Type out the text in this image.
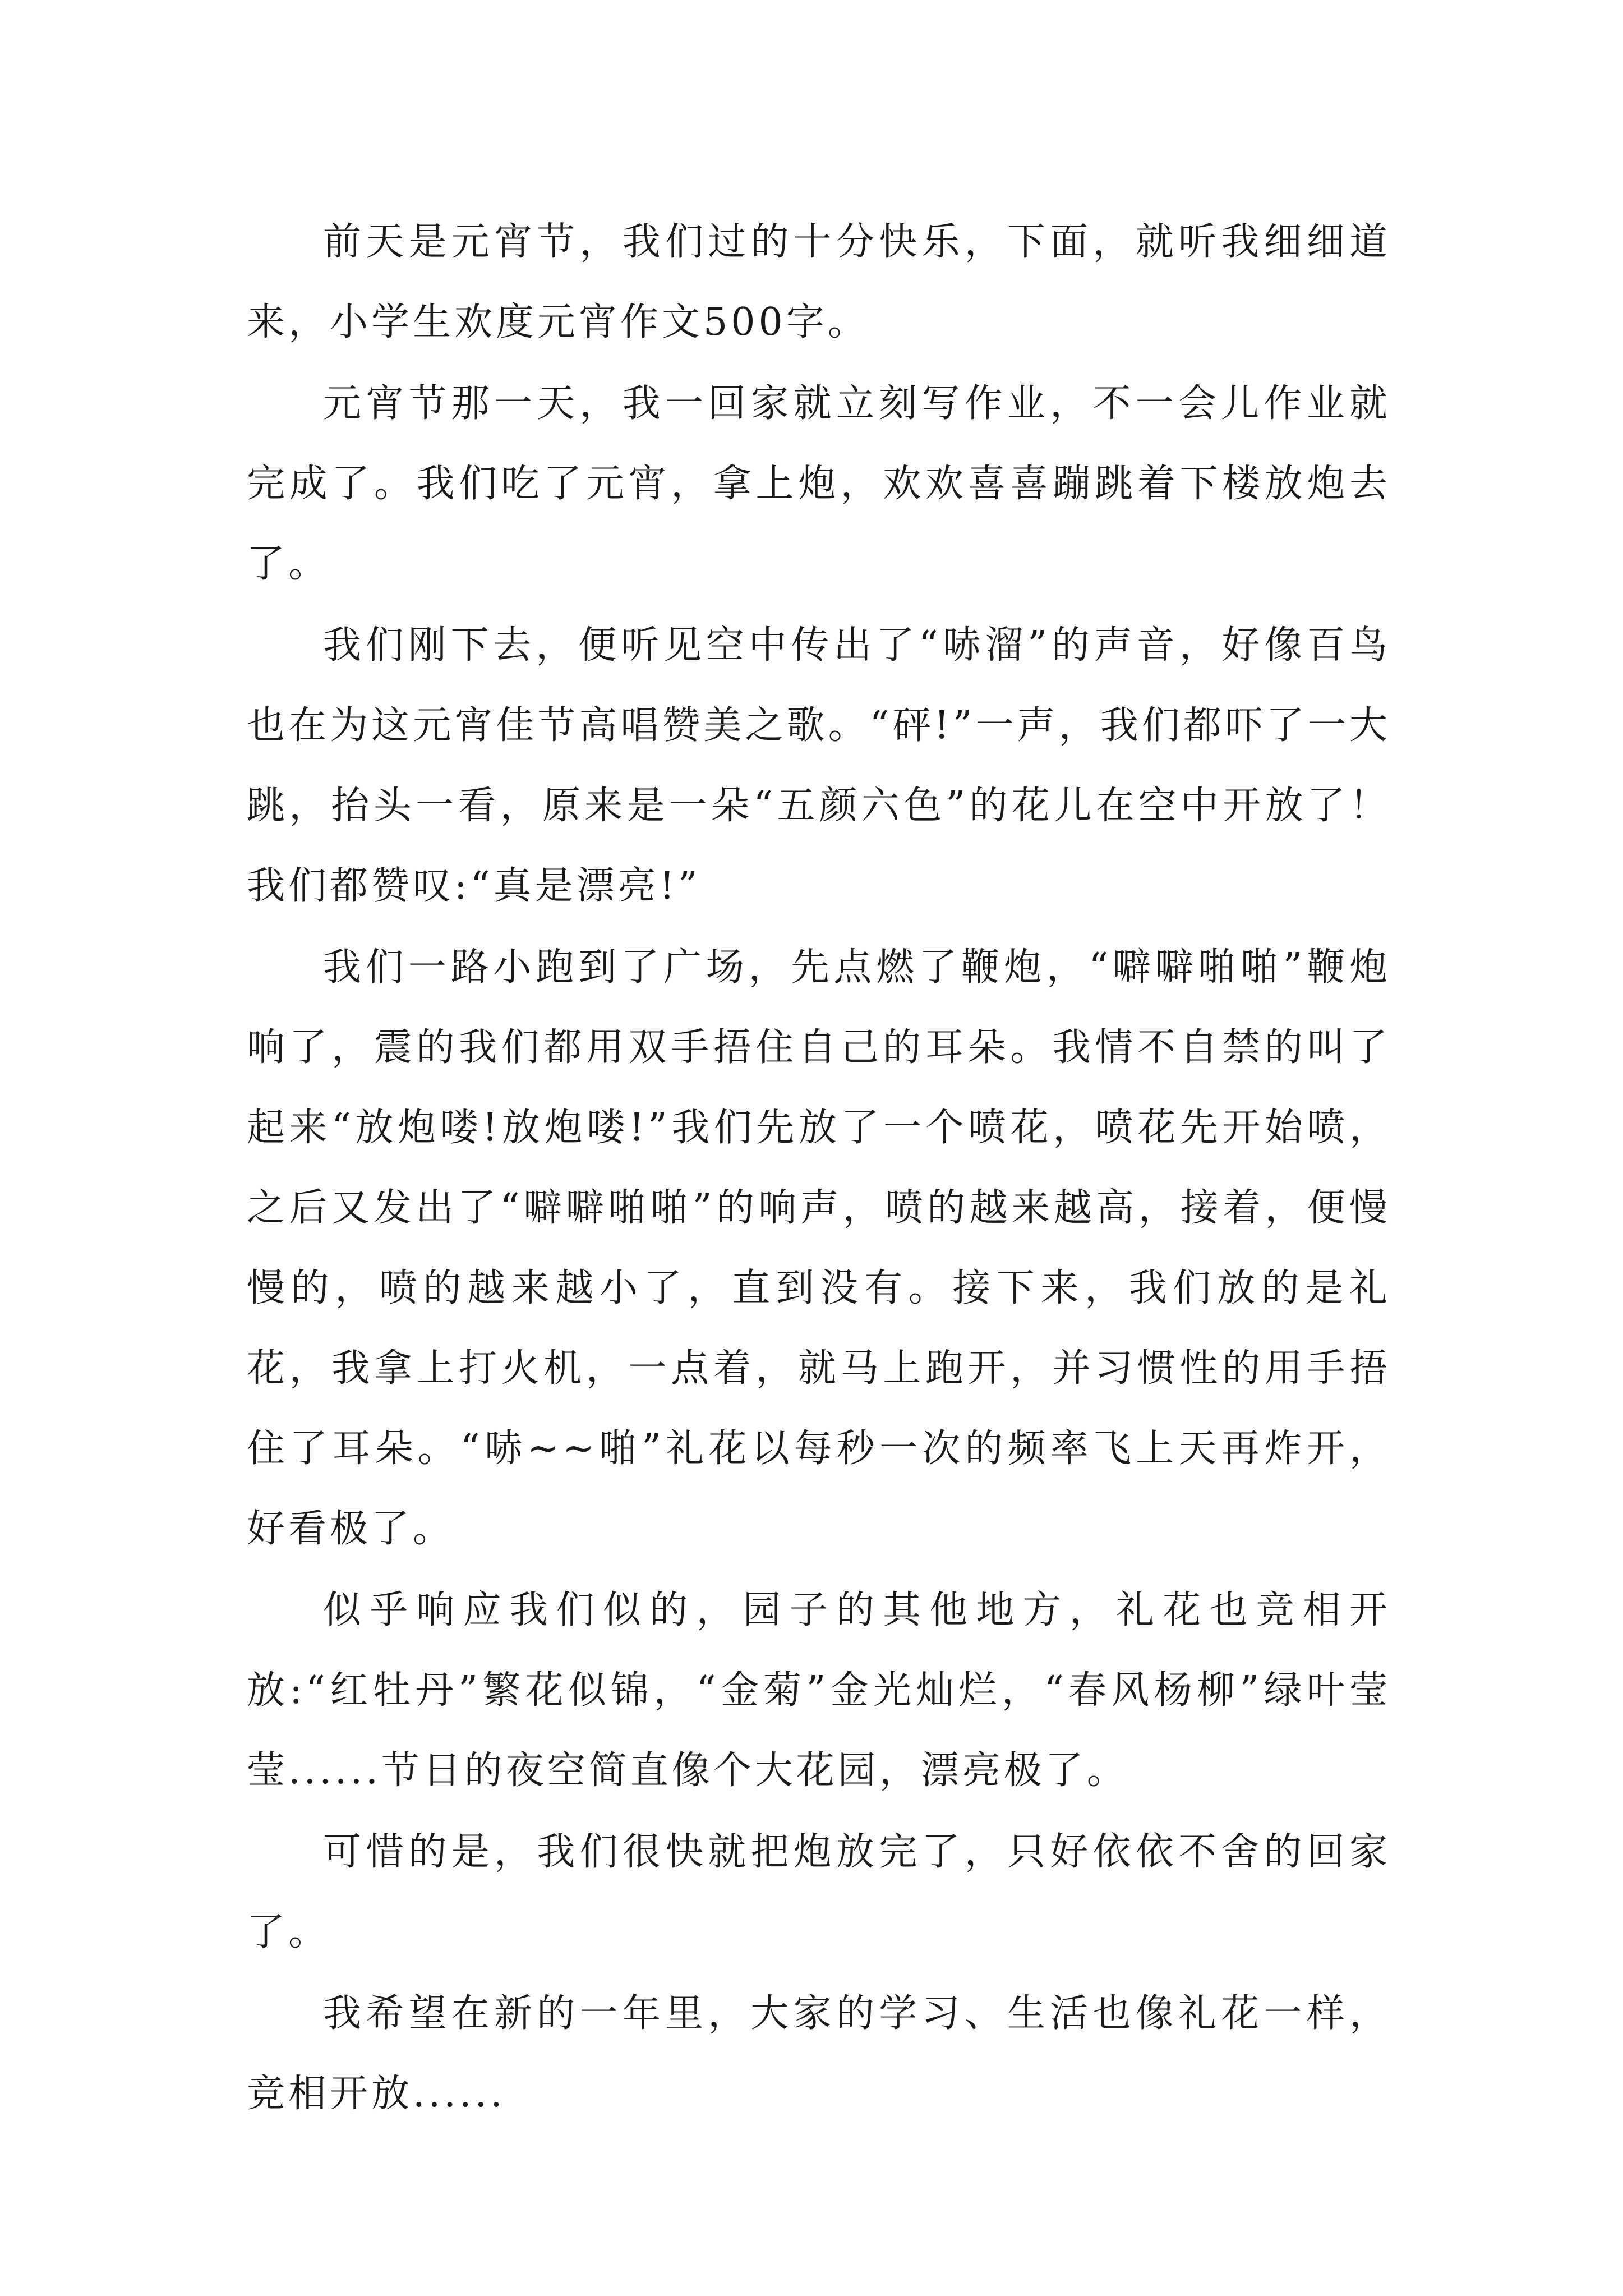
前天是元宵节，我们过的十分快乐，下面，就听我细细道来，小学生欢度元宵作文500字。

元宵节那一天，我一回家就立刻写作业，不一会儿作业就完成了。我们吃了元宵，拿上炮，欢欢喜喜蹦跳着下楼放炮去了。

我们刚下去，便听见空中传出了“哧溜”的声音，好像百鸟也在为这元宵佳节高唱赞美之歌。“砰!”一声，我们都吓了一大跳，抬头一看，原来是一朵“五颜六色”的花儿在空中开放了！我们都赞叹:“真是漂亮!”

我们一路小跑到了广场，先点燃了鞭炮，“噼噼啪啪”鞭炮响了，震的我们都用双手捂住自己的耳朵。我情不自禁的叫了起来“放炮喽!放炮喽!”我们先放了一个喷花，喷花先开始喷，之后又发出了“噼噼啪啪”的响声，喷的越来越高，接着，便慢慢的，喷的越来越小了，直到没有。接下来，我们放的是礼花，我拿上打火机，一点着，就马上跑开，并习惯性的用手捂住了耳朵。“哧~~啪”礼花以每秒一次的频率飞上天再炸开，好看极了。

似乎响应我们似的，园子的其他地方，礼花也竞相开放:“红牡丹”繁花似锦，“金菊”金光灿烂，“春风杨柳”绿叶莹莹......节日的夜空简直像个大花园，漂亮极了。

可惜的是，我们很快就把炮放完了，只好依依不舍的回家了。

我希望在新的一年里，大家的学习、生活也像礼花一样，竞相开放......
